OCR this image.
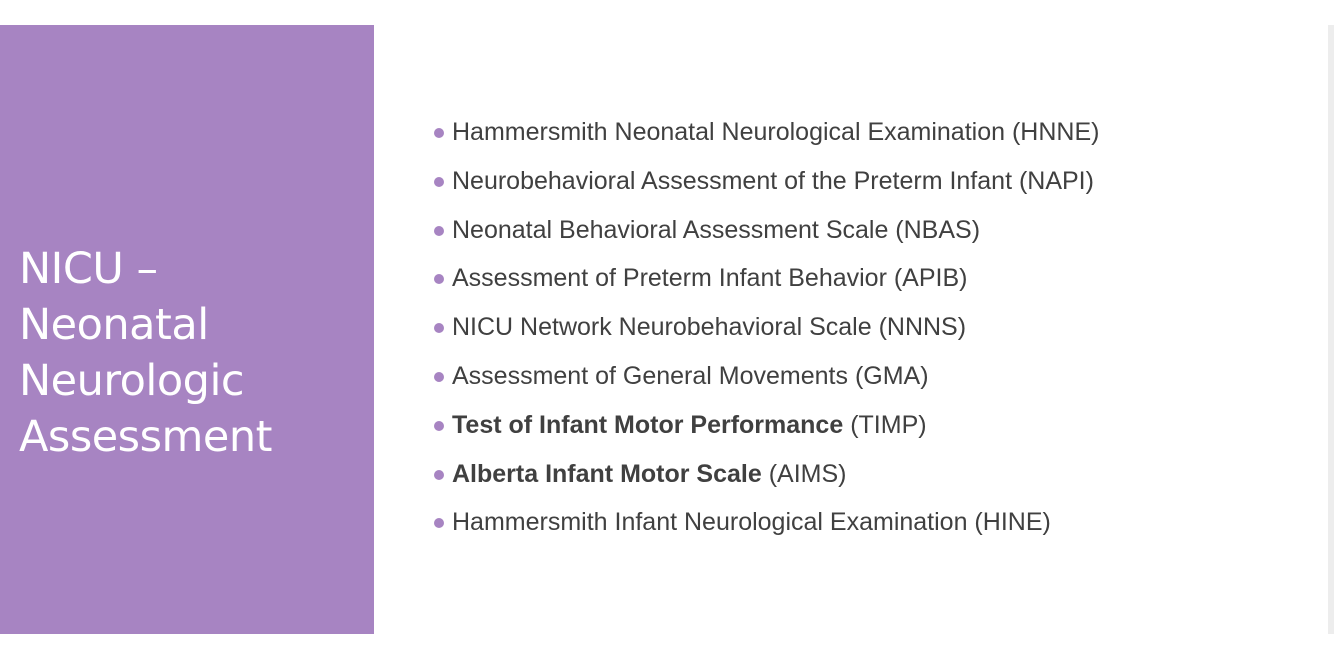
NICU –
Neonatal
Neurologic
Assessment
Hammersmith Neonatal Neurological Examination (HNNE)
Neurobehavioral Assessment of the Preterm Infant (NAPI)
Neonatal Behavioral Assessment Scale (NBAS)
Assessment of Preterm Infant Behavior (APIB)
NICU Network Neurobehavioral Scale (NNNS)
Assessment of General Movements (GMA)
Test of Infant Motor Performance (TIMP)
Alberta Infant Motor Scale (AIMS)
Hammersmith Infant Neurological Examination (HINE)
